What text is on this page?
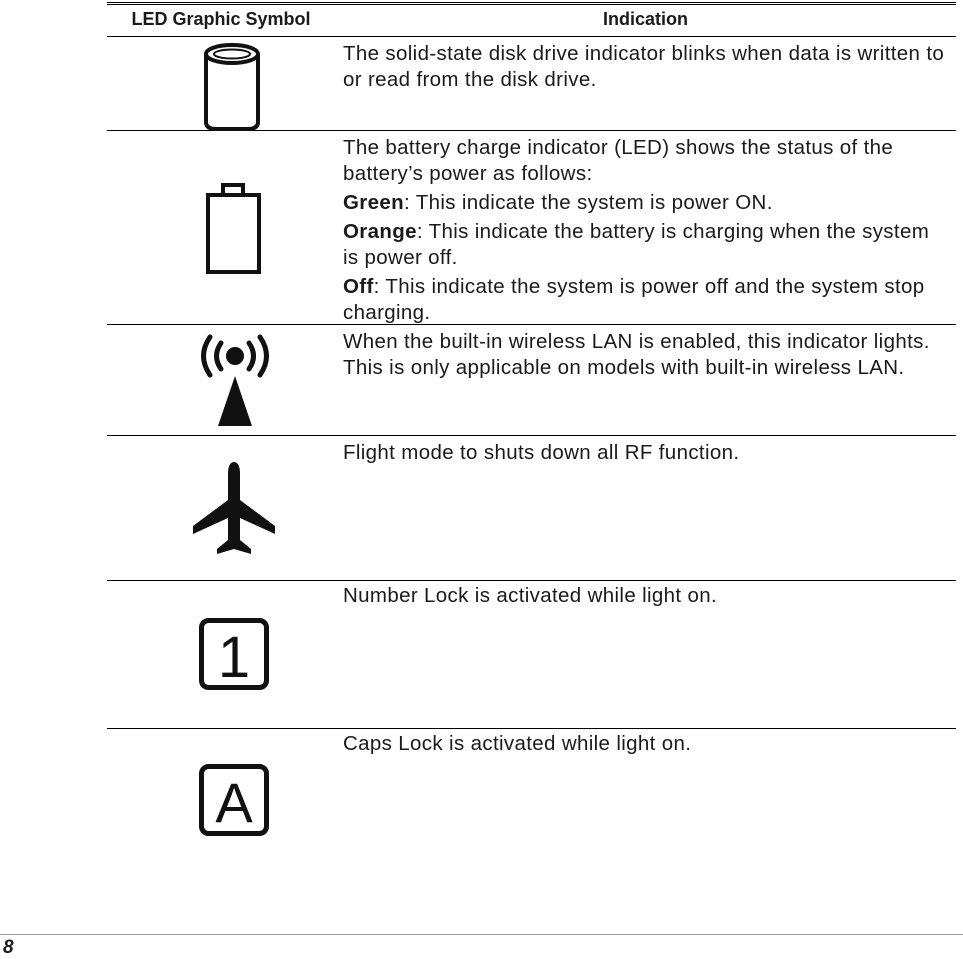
LED Graphic Symbol	Indication

The solid-state disk drive indicator blinks when data is written to or read from the disk drive.

The battery charge indicator (LED) shows the status of the battery’s power as follows:

Green: This indicate the system is power ON.

Orange: This indicate the battery is charging when the system is power off.

Off: This indicate the system is power off and the system stop charging.

When the built-in wireless LAN is enabled, this indicator lights. This is only applicable on models with built-in wireless LAN.

Flight mode to shuts down all RF function.

1

Number Lock is activated while light on.

A

Caps Lock is activated while light on.

8
